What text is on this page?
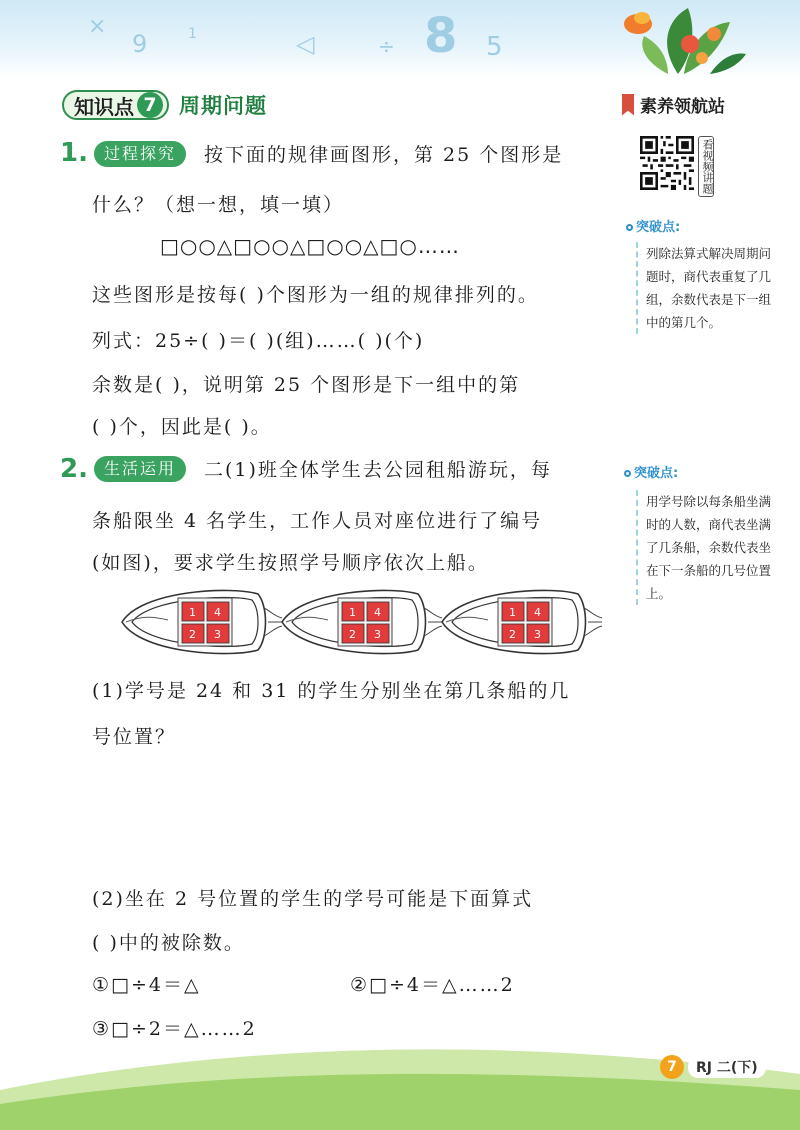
×
9	1	◁	÷ 8 5
知识点 7	周期问题	素养领航站
看视频讲题
突破点:
列除法算式解决周期问题时，商代表重复了几组，余数代表是下一组中的第几个。
突破点:
用学号除以每条船坐满时的人数，商代表坐满了几条船，余数代表坐在下一条船的几号位置上。
1.	过程探究	按下面的规律画图形，第 25 个图形是
什么？（想一想，填一填）
□○○△□○○△□○○△□○……
这些图形是按每( )个图形为一组的规律排列的。
列式：25÷( )＝( )(组)……( )(个)
余数是( )，说明第 25 个图形是下一组中的第
( )个，因此是( )。
2.	生活运用	二(1)班全体学生去公园租船游玩，每
条船限坐 4 名学生，工作人员对座位进行了编号
(如图)，要求学生按照学号顺序依次上船。
1 4
2 3
1 4
2 3
1 4
2 3
(1)学号是 24 和 31 的学生分别坐在第几条船的几
号位置？
(2)坐在 2 号位置的学生的学号可能是下面算式
( )中的被除数。
①□÷4＝△	②□÷4＝△……2
③□÷2＝△……2
7	RJ 二(下)
